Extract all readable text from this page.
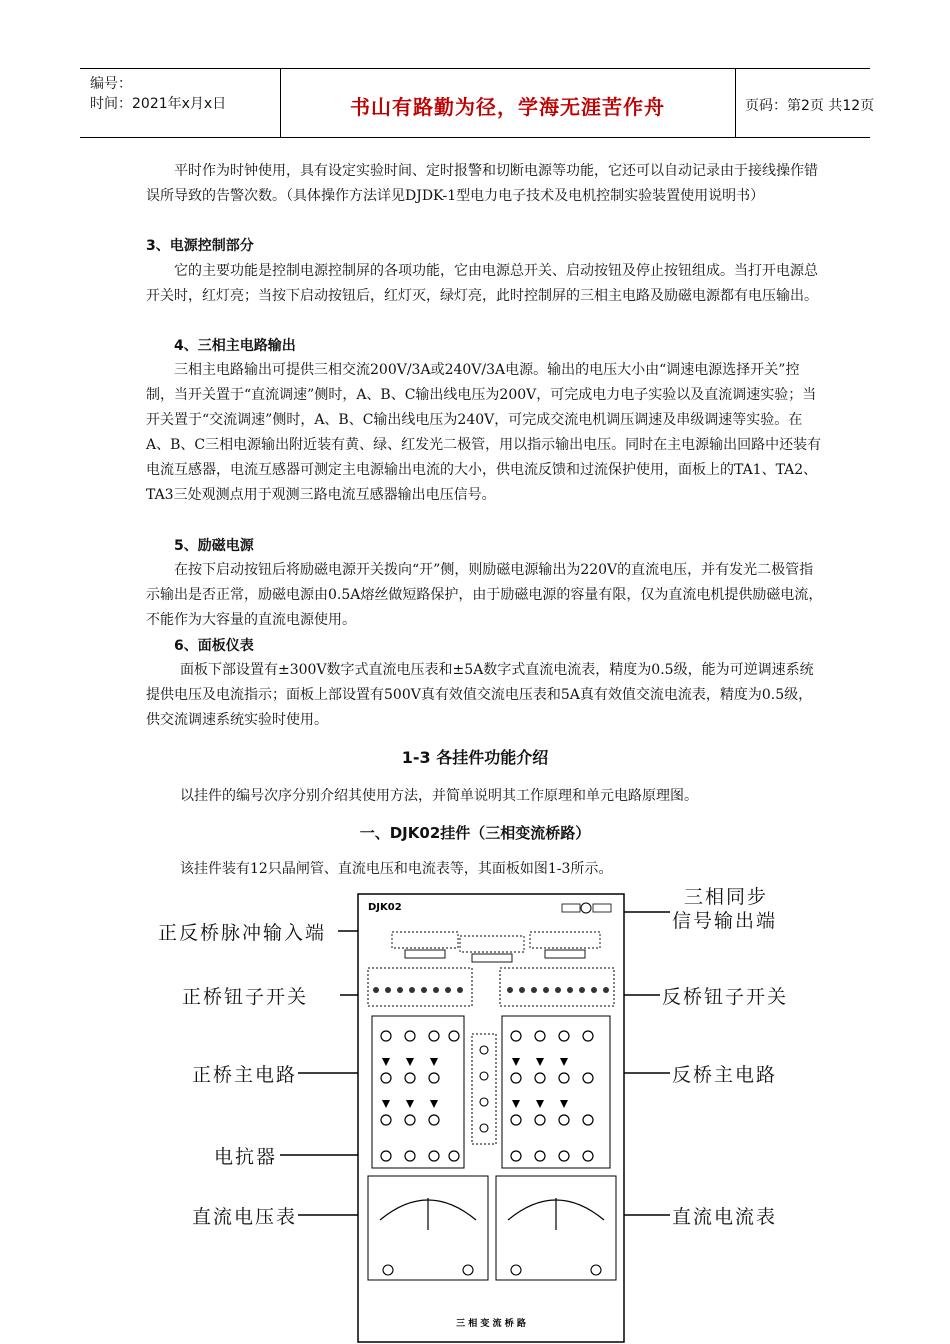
编号：
时间：2021年x月x日	书山有路勤为径，学海无涯苦作舟	页码：第2页 共12页

平时作为时钟使用，具有设定实验时间、定时报警和切断电源等功能，它还可以自动记录由于接线操作错误所导致的告警次数。（具体操作方法详见DJDK-1型电力电子技术及电机控制实验装置使用说明书）

3、电源控制部分

它的主要功能是控制电源控制屏的各项功能，它由电源总开关、启动按钮及停止按钮组成。当打开电源总开关时，红灯亮；当按下启动按钮后，红灯灭，绿灯亮，此时控制屏的三相主电路及励磁电源都有电压输出。

4、三相主电路输出

三相主电路输出可提供三相交流200V/3A或240V/3A电源。输出的电压大小由“调速电源选择开关”控制，当开关置于“直流调速”侧时，A、B、C输出线电压为200V，可完成电力电子实验以及直流调速实验；当开关置于“交流调速”侧时，A、B、C输出线电压为240V，可完成交流电机调压调速及串级调速等实验。在A、B、C三相电源输出附近装有黄、绿、红发光二极管，用以指示输出电压。同时在主电源输出回路中还装有电流互感器，电流互感器可测定主电源输出电流的大小，供电流反馈和过流保护使用，面板上的TA1、TA2、TA3三处观测点用于观测三路电流互感器输出电压信号。

5、励磁电源

在按下启动按钮后将励磁电源开关拨向“开”侧，则励磁电源输出为220V的直流电压，并有发光二极管指示输出是否正常，励磁电源由0.5A熔丝做短路保护，由于励磁电源的容量有限，仅为直流电机提供励磁电流，不能作为大容量的直流电源使用。

6、面板仪表

面板下部设置有±300V数字式直流电压表和±5A数字式直流电流表，精度为0.5级，能为可逆调速系统提供电压及电流指示；面板上部设置有500V真有效值交流电压表和5A真有效值交流电流表，精度为0.5级，供交流调速系统实验时使用。

1-3 各挂件功能介绍

以挂件的编号次序分别介绍其使用方法，并简单说明其工作原理和单元电路原理图。

一、DJK02挂件（三相变流桥路）

该挂件装有12只晶闸管、直流电压和电流表等，其面板如图1-3所示。

正反桥脉冲输入端
三相同步
信号输出端
正桥钮子开关	反桥钮子开关
正桥主电路	反桥主电路
电抗器
直流电压表	直流电流表
DJK02
三 相 变 流 桥 路
